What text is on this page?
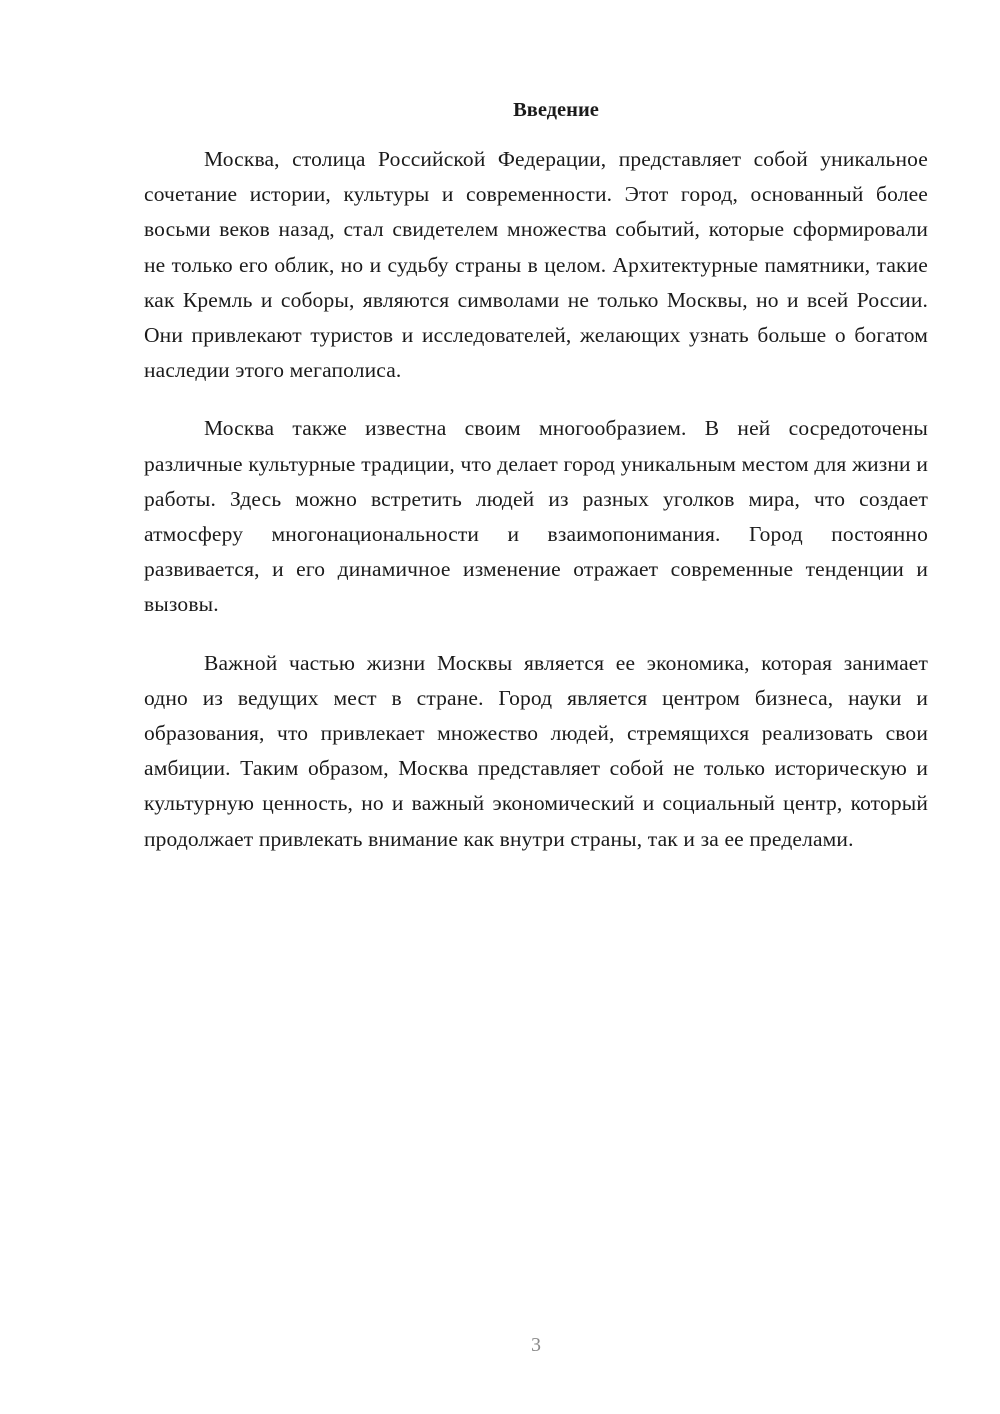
Введение

Москва, столица Российской Федерации, представляет собой уникальное сочетание истории, культуры и современности. Этот город, основанный более восьми веков назад, стал свидетелем множества событий, которые сформировали не только его облик, но и судьбу страны в целом. Архитектурные памятники, такие как Кремль и соборы, являются символами не только Москвы, но и всей России. Они привлекают туристов и исследователей, желающих узнать больше о богатом наследии этого мегаполиса.

Москва также известна своим многообразием. В ней сосредоточены различные культурные традиции, что делает город уникальным местом для жизни и работы. Здесь можно встретить людей из разных уголков мира, что создает атмосферу многонациональности и взаимопонимания. Город постоянно развивается, и его динамичное изменение отражает современные тенденции и вызовы.

Важной частью жизни Москвы является ее экономика, которая занимает одно из ведущих мест в стране. Город является центром бизнеса, науки и образования, что привлекает множество людей, стремящихся реализовать свои амбиции. Таким образом, Москва представляет собой не только историческую и культурную ценность, но и важный экономический и социальный центр, который продолжает привлекать внимание как внутри страны, так и за ее пределами.

3
